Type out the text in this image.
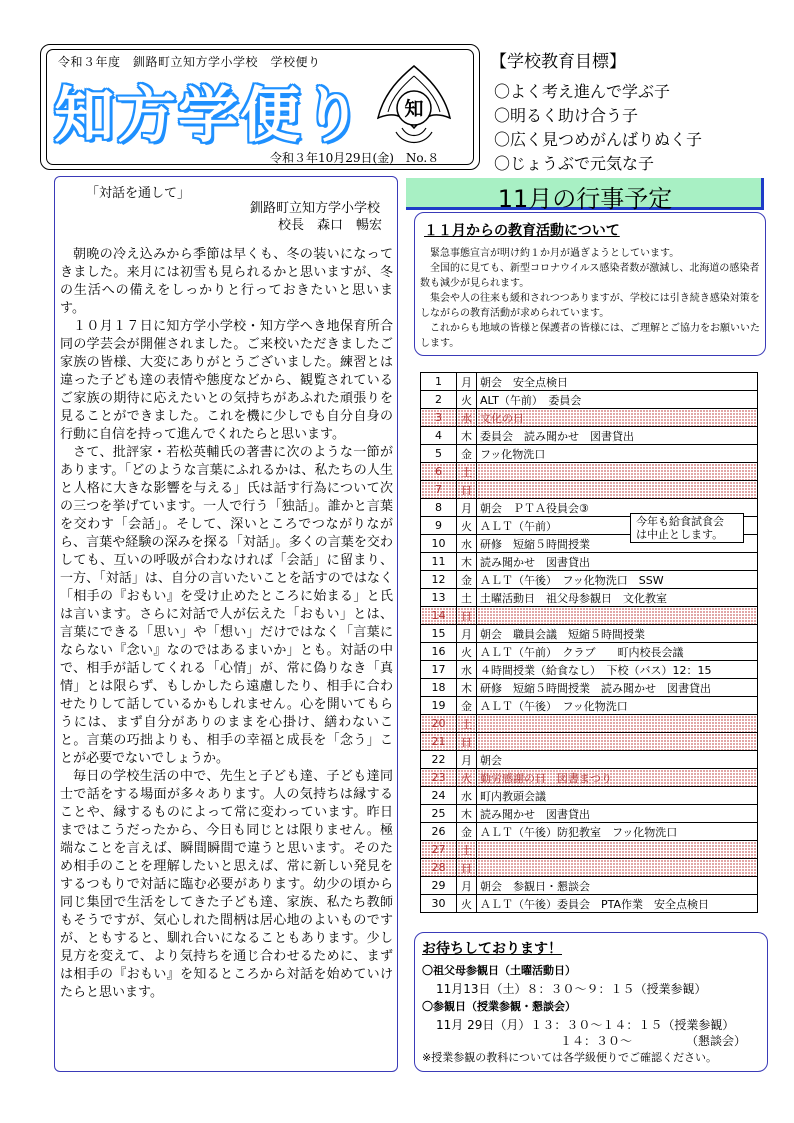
令和３年度　釧路町立知方学小学校　学校便り
知方学便り 知
令和３年10月29日(金)　No.８
【学校教育目標】
〇よく考え進んで学ぶ子
〇明るく助け合う子
〇広く見つめがんばりぬく子
〇じょうぶで元気な子
「対話を通して」
釧路町立知方学小学校
校長　森口　暢宏

朝晩の冷え込みから季節は早くも、冬の装いになってきました。来月には初雪も見られるかと思いますが、冬の生活への備えをしっかりと行っておきたいと思います。

１０月１７日に知方学小学校・知方学へき地保育所合同の学芸会が開催されました。ご来校いただきましたご家族の皆様、大変にありがとうございました。練習とは違った子ども達の表情や態度などから、観覧されているご家族の期待に応えたいとの気持ちがあふれた頑張りを見ることができました。これを機に少しでも自分自身の行動に自信を持って進んでくれたらと思います。

さて、批評家・若松英輔氏の著書に次のような一節があります。「どのような言葉にふれるかは、私たちの人生と人格に大きな影響を与える」氏は話す行為について次の三つを挙げています。一人で行う「独話」。誰かと言葉を交わす「会話」。そして、深いところでつながりながら、言葉や経験の深みを探る「対話」。多くの言葉を交わしても、互いの呼吸が合わなければ「会話」に留まり、一方、「対話」は、自分の言いたいことを話すのではなく「相手の『おもい』を受け止めたところに始まる」と氏は言います。さらに対話で人が伝えた「おもい」とは、言葉にできる「思い」や「想い」だけではなく「言葉にならない『念い』なのではあるまいか」とも。対話の中で、相手が話してくれる「心情」が、常に偽りなき「真情」とは限らず、もしかしたら遠慮したり、相手に合わせたりして話しているかもしれません。心を開いてもらうには、まず自分がありのままを心掛け、繕わないこと。言葉の巧拙よりも、相手の幸福と成長を「念う」ことが必要でないでしょうか。

毎日の学校生活の中で、先生と子ども達、子ども達同士で話をする場面が多々あります。人の気持ちは縁することや、縁するものによって常に変わっています。昨日まではこうだったから、今日も同じとは限りません。極端なことを言えば、瞬間瞬間で違うと思います。そのため相手のことを理解したいと思えば、常に新しい発見をするつもりで対話に臨む必要があります。幼少の頃から同じ集団で生活をしてきた子ども達、家族、私たち教師もそうですが、気心しれた間柄は居心地のよいものですが、ともすると、馴れ合いになることもあります。少し見方を変えて、より気持ちを通じ合わせるために、まずは相手の『おもい』を知るところから対話を始めていけたらと思います。

11月の行事予定
１１月からの教育活動について

緊急事態宣言が明け約１か月が過ぎようとしています。

全国的に見ても、新型コロナウイルス感染者数が激減し、北海道の感染者数も減少が見られます。

集会や人の往来も緩和されつつありますが、学校には引き続き感染対策をしながらの教育活動が求められています。

これからも地域の皆様と保護者の皆様には、ご理解とご協力をお願いいたします。

1	月	朝会　安全点検日
2	火	ALT（午前）　委員会
3	水	文化の日
4	木	委員会　読み聞かせ　図書貸出
5	金	フッ化物洗口
6	土	
7	日	
8	月	朝会　ＰＴＡ役員会③
9	火	ＡＬＴ（午前）
10	水	研修　短縮５時間授業
11	木	読み聞かせ　図書貸出
12	金	ＡＬＴ（午後）　フッ化物洗口　SSW
13	土	土曜活動日　祖父母参観日　文化教室
14	日	
15	月	朝会　職員会議　短縮５時間授業
16	火	ＡＬＴ（午前）　クラブ　　町内校長会議
17	水	４時間授業（給食なし）　下校（バス）12：15
18	木	研修　短縮５時間授業　読み聞かせ　図書貸出
19	金	ＡＬＴ（午後）　フッ化物洗口
20	土	
21	日	
22	月	朝会
23	火	勤労感謝の日　図書まつり
24	水	町内教頭会議
25	木	読み聞かせ　図書貸出
26	金	ＡＬＴ（午後）防犯教室　フッ化物洗口
27	土	
28	日	
29	月	朝会　参観日・懇談会
30	火	ＡＬＴ（午後）委員会　PTA作業　安全点検日
今年も給食試食会
は中止とします。
お待ちしております！
〇祖父母参観日（土曜活動日）
11月13日（土）８：３０～９：１５（授業参観）
〇参観日（授業参観・懇談会）
11月 29日（月）１３：３０～１４：１５（授業参観）
１４：３０～　　　　　（懇談会）
※授業参観の教科については各学級便りでご確認ください。
